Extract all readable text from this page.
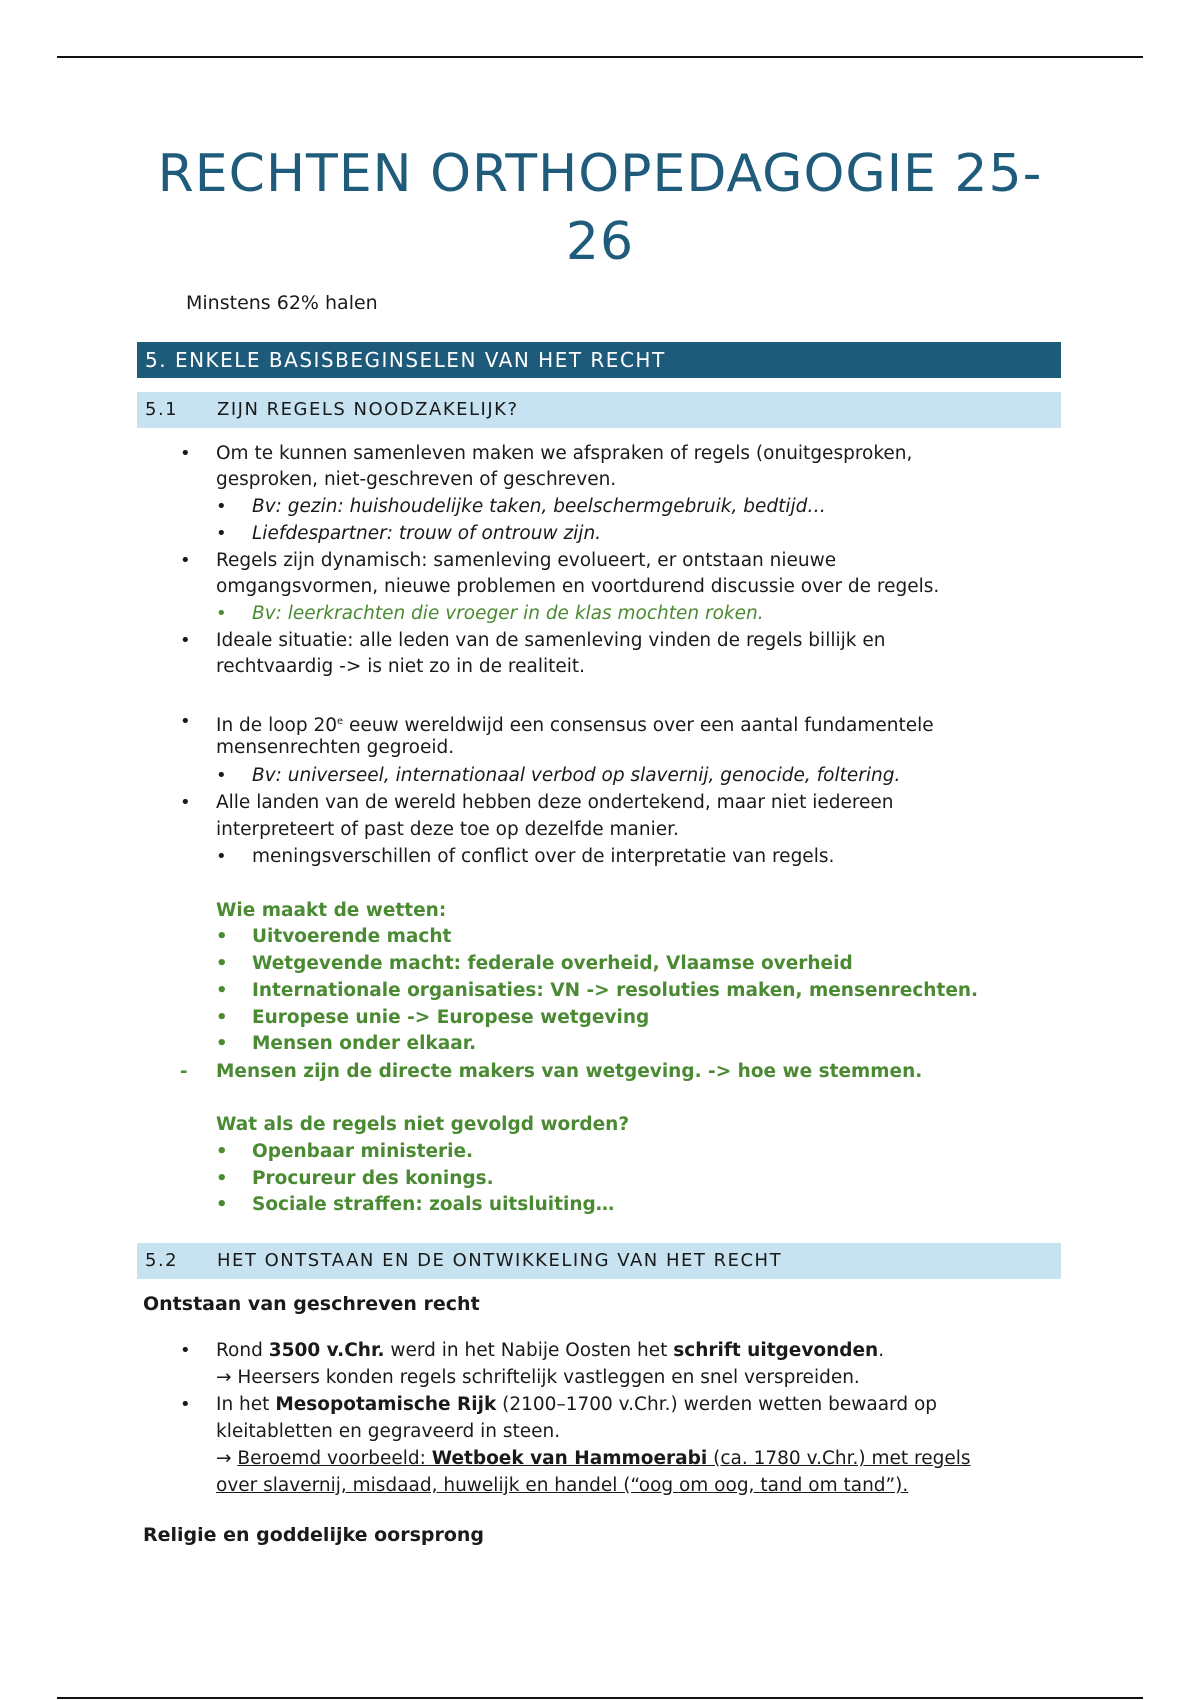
RECHTEN ORTHOPEDAGOGIE 25-
26
Minstens 62% halen
5. ENKELE BASISBEGINSELEN VAN HET RECHT
5.1 ZIJN REGELS NOODZAKELIJK?
• Om te kunnen samenleven maken we afspraken of regels (onuitgesproken,
gesproken, niet-geschreven of geschreven.
• Bv: gezin: huishoudelijke taken, beelschermgebruik, bedtijd…
• Liefdespartner: trouw of ontrouw zijn.
• Regels zijn dynamisch: samenleving evolueert, er ontstaan nieuwe
omgangsvormen, nieuwe problemen en voortdurend discussie over de regels.
• Bv: leerkrachten die vroeger in de klas mochten roken.
• Ideale situatie: alle leden van de samenleving vinden de regels billijk en
rechtvaardig -> is niet zo in de realiteit.
• In de loop 20e eeuw wereldwijd een consensus over een aantal fundamentele
mensenrechten gegroeid.
• Bv: universeel, internationaal verbod op slavernij, genocide, foltering.
• Alle landen van de wereld hebben deze ondertekend, maar niet iedereen
interpreteert of past deze toe op dezelfde manier.
• meningsverschillen of conflict over de interpretatie van regels.
Wie maakt de wetten:
• Uitvoerende macht
• Wetgevende macht: federale overheid, Vlaamse overheid
• Internationale organisaties: VN -> resoluties maken, mensenrechten.
• Europese unie -> Europese wetgeving
• Mensen onder elkaar.
- Mensen zijn de directe makers van wetgeving. -> hoe we stemmen.
Wat als de regels niet gevolgd worden?
• Openbaar ministerie.
• Procureur des konings.
• Sociale straffen: zoals uitsluiting…
5.2 HET ONTSTAAN EN DE ONTWIKKELING VAN HET RECHT
Ontstaan van geschreven recht
• Rond 3500 v.Chr. werd in het Nabije Oosten het schrift uitgevonden.
→ Heersers konden regels schriftelijk vastleggen en snel verspreiden.
• In het Mesopotamische Rijk (2100–1700 v.Chr.) werden wetten bewaard op
kleitabletten en gegraveerd in steen.
→ Beroemd voorbeeld: Wetboek van Hammoerabi (ca. 1780 v.Chr.) met regels
over slavernij, misdaad, huwelijk en handel (“oog om oog, tand om tand”).
Religie en goddelijke oorsprong
